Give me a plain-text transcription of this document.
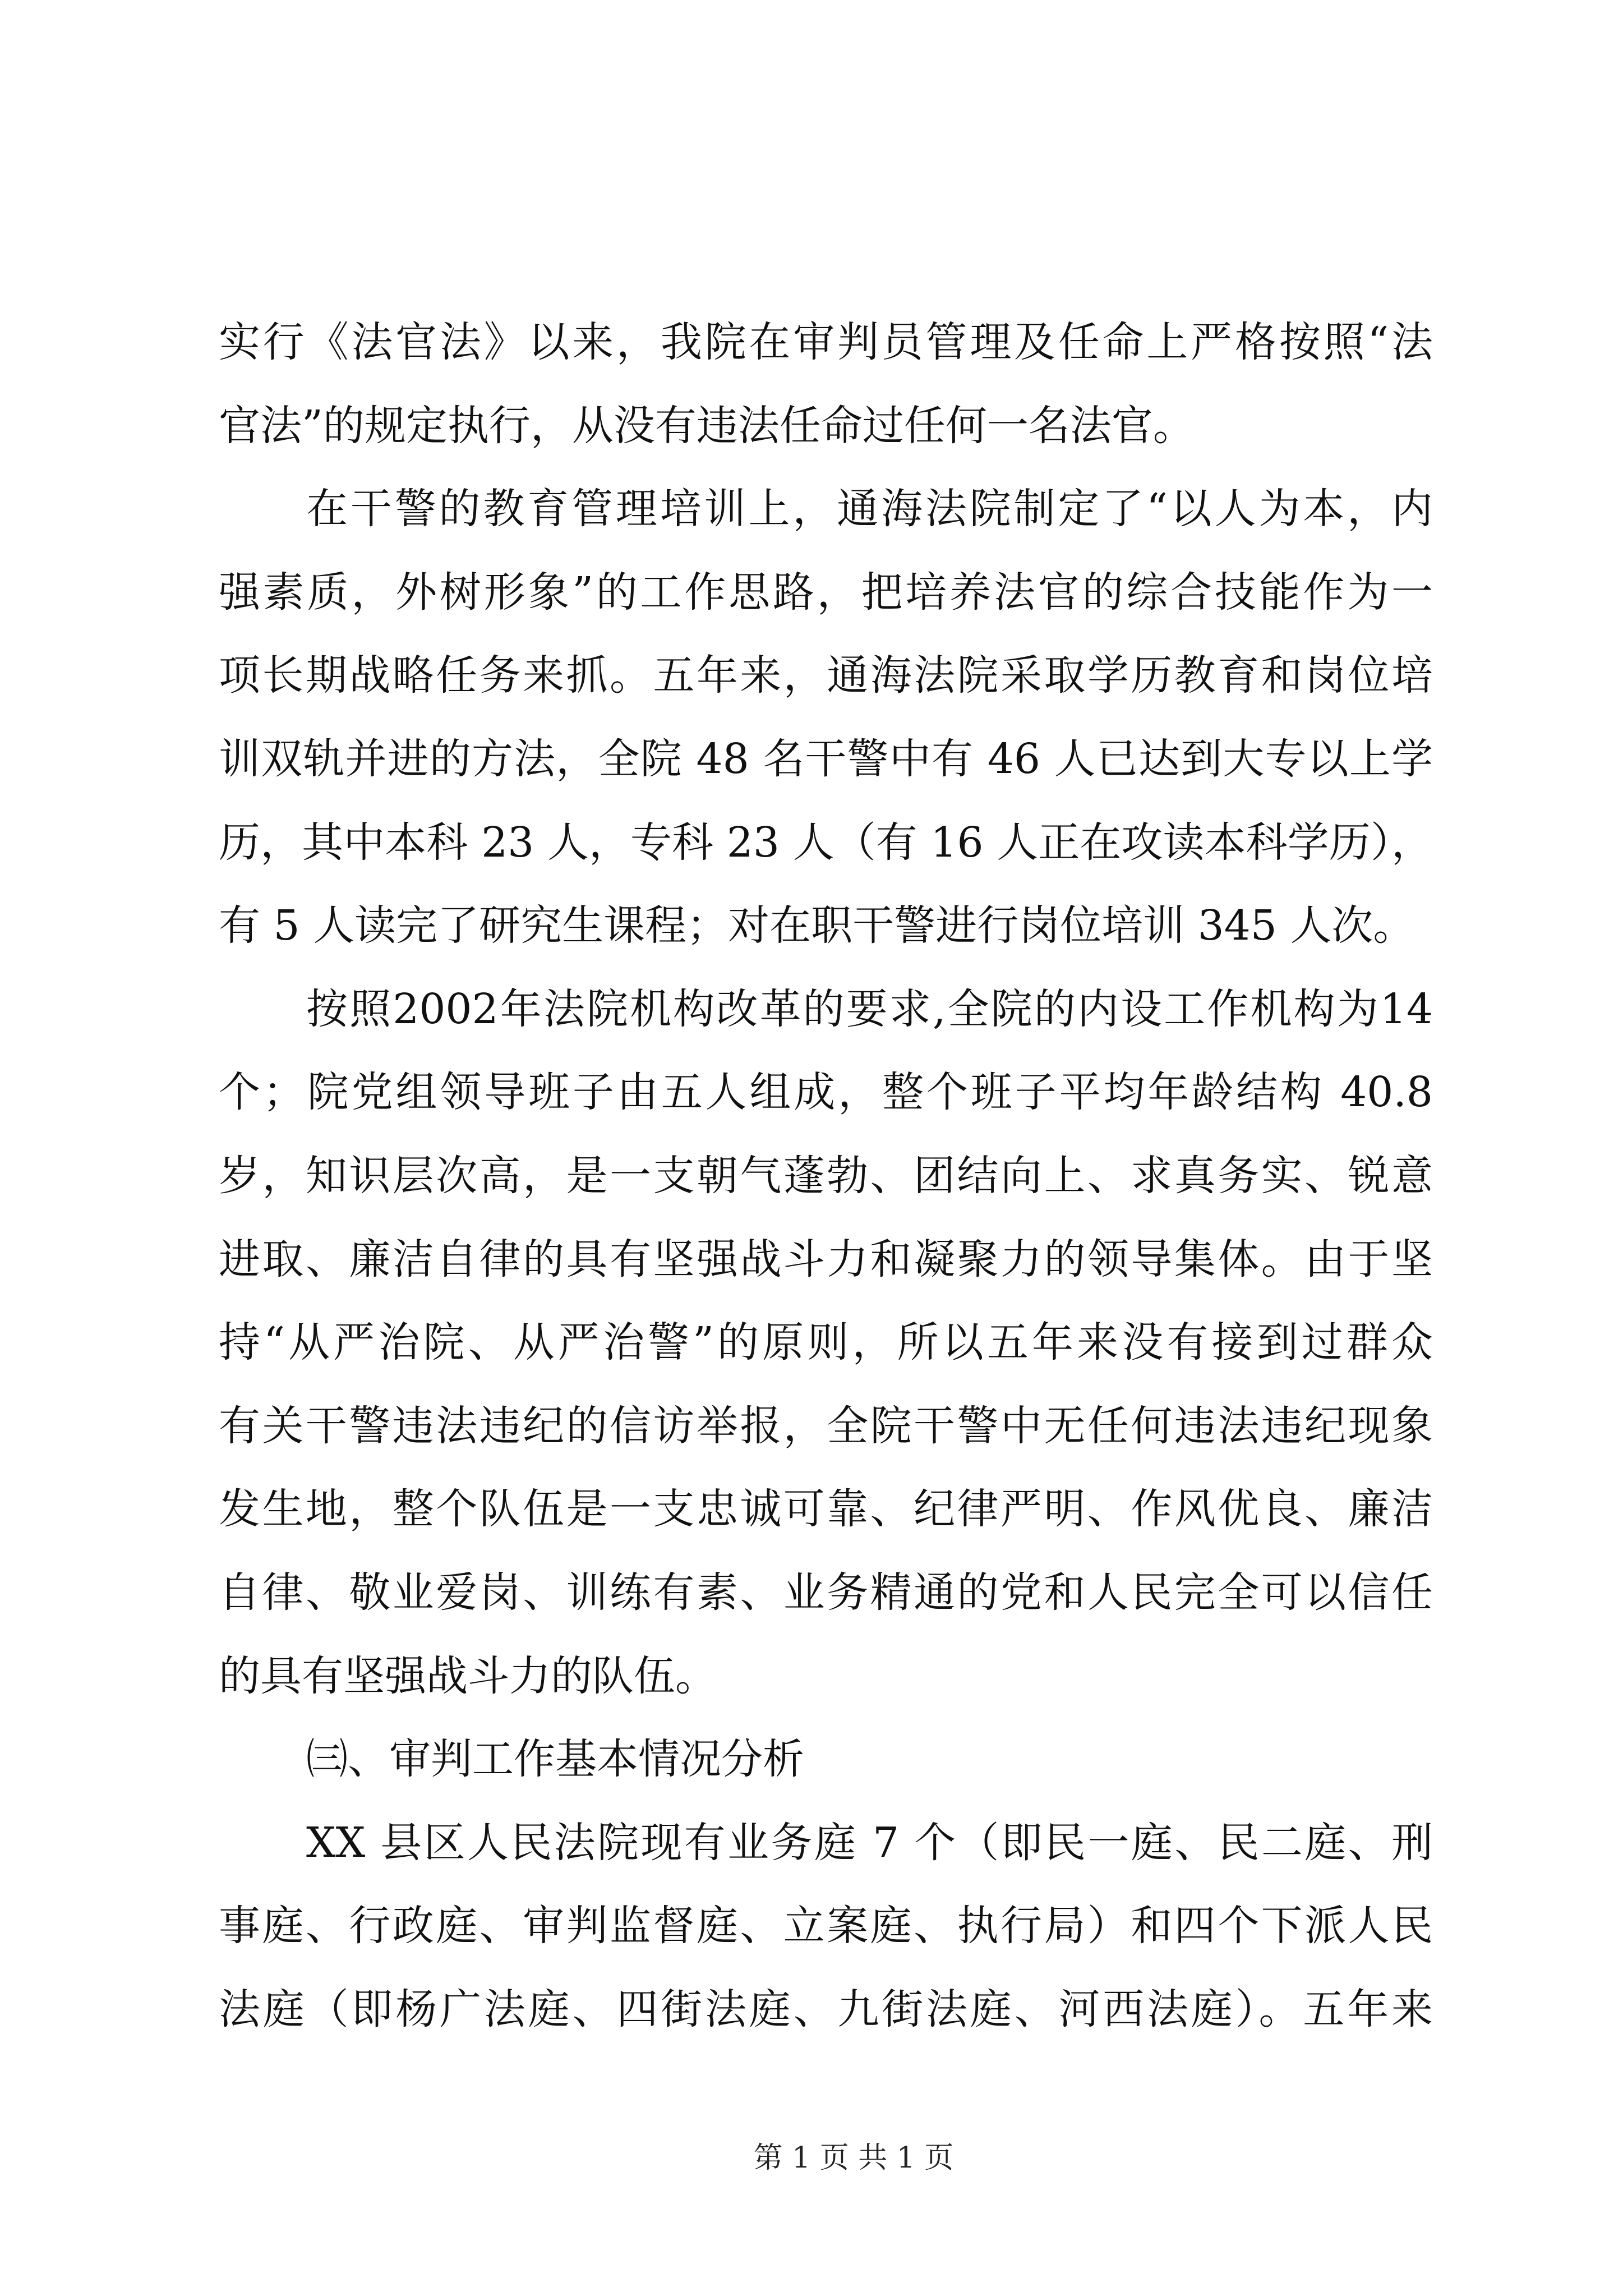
实行《法官法》以来，我院在审判员管理及任命上严格按照“法
官法”的规定执行，从没有违法任命过任何一名法官。
在干警的教育管理培训上，通海法院制定了“以人为本，内
强素质，外树形象”的工作思路，把培养法官的综合技能作为一
项长期战略任务来抓。五年来，通海法院采取学历教育和岗位培
训双轨并进的方法，全院 48 名干警中有 46 人已达到大专以上学
历，其中本科 23 人，专科 23 人（有 16 人正在攻读本科学历），
有 5 人读完了研究生课程；对在职干警进行岗位培训 345 人次。
按照2002年法院机构改革的要求,全院的内设工作机构为14
个；院党组领导班子由五人组成，整个班子平均年龄结构 40.8
岁，知识层次高，是一支朝气蓬勃、团结向上、求真务实、锐意
进取、廉洁自律的具有坚强战斗力和凝聚力的领导集体。由于坚
持“从严治院、从严治警”的原则，所以五年来没有接到过群众
有关干警违法违纪的信访举报，全院干警中无任何违法违纪现象
发生地，整个队伍是一支忠诚可靠、纪律严明、作风优良、廉洁
自律、敬业爱岗、训练有素、业务精通的党和人民完全可以信任
的具有坚强战斗力的队伍。
㈢、审判工作基本情况分析
XX 县区人民法院现有业务庭 7 个（即民一庭、民二庭、刑
事庭、行政庭、审判监督庭、立案庭、执行局）和四个下派人民
法庭（即杨广法庭、四街法庭、九街法庭、河西法庭）。五年来
第 1 页 共 1 页
